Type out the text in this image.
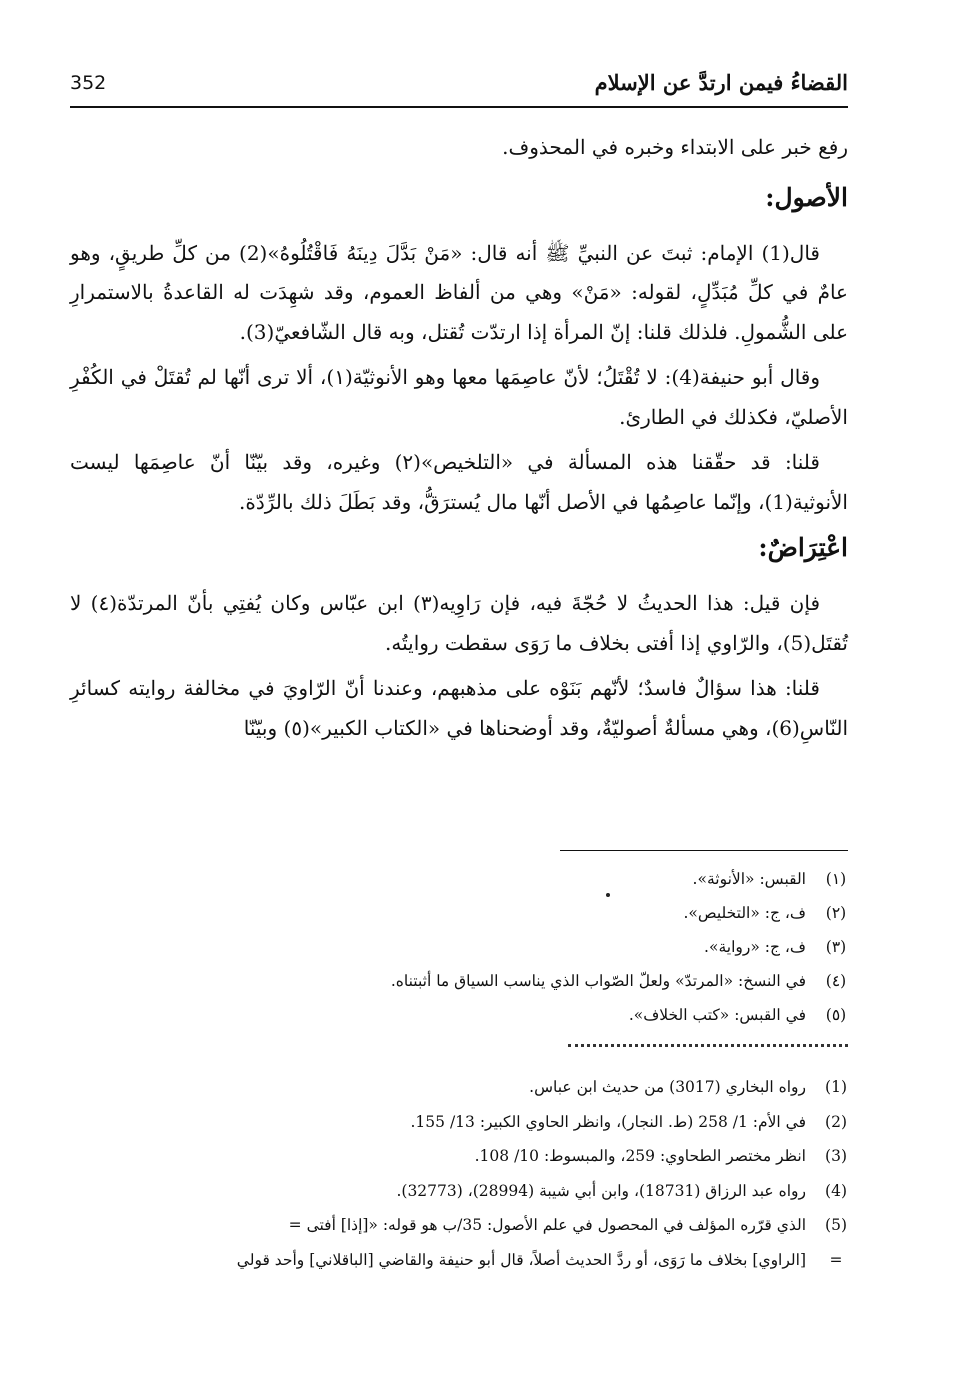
القضاءُ فيمن ارتدَّ عن الإسلام
352

رفع خبر على الابتداء وخبره في المحذوف.

الأصول:

قال(1) الإمام: ثبتَ عن النبيِّ ﷺ أنه قال: «مَنْ بَدَّلَ دِينَهُ فَاقْتُلُوهُ»(2) من كلِّ طريقٍ، وهو عامٌ في كلِّ مُبَدِّلٍ، لقوله: «مَنْ» وهي من ألفاظ العموم، وقد شهِدَت له القاعدةُ بالاستمرارِ على الشُّمولِ. فلذلك قلنا: إنّ المرأة إذا ارتدّت تُقتل، وبه قال الشّافعيّ(3).

وقال أبو حنيفة(4): لا تُقْتَلُ؛ لأنّ عاصِمَها معها وهو الأنوثيّة(١)، ألا ترى أنّها لم تُقتَلْ في الكُفْرِ الأصليّ، فكذلك في الطارئ.

قلنا: قد حقّقنا هذه المسألة في «التلخيص»(٢) وغيره، وقد بيّنّا أنّ عاصِمَها ليست الأنوثية(1)، وإنّما عاصِمُها في الأصل أنّها مال يُسترَقُّ، وقد بَطَلَ ذلك بالرِّدّة.

اعْتِرَاضٌ:

فإن قيل: هذا الحديثُ لا حُجّةَ فيه، فإن رَاوِيه(٣) ابن عبّاس وكان يُفتِي بأنّ المرتدّة(٤) لا تُقتَل(5)، والرّاوي إذا أفتى بخلاف ما رَوَى سقطت روايتُه.

قلنا: هذا سؤالٌ فاسدٌ؛ لأنّهم بَنَوْه على مذهبهم، وعندنا أنّ الرّاويَ في مخالفة روايته كسائرِ النّاسِ(6)، وهي مسألةٌ أصوليّةٌ، وقد أوضحناها في «الكتاب الكبير»(٥) وبيّنّا

(١)
القبس: «الأنوثة».
(٢)
ف، ج: «التخليص».
(٣)
ف، ج: «رواية».
(٤)
في النسخ: «المرتدّ» ولعلّ الصّواب الذي يناسب السياق ما أثبتناه.
(٥)
في القبس: «كتب الخلاف».
(1)
رواه البخاري (3017) من حديث ابن عباس.
(2)
في الأم: 1/ 258 (ط. النجار)، وانظر الحاوي الكبير: 13/ 155.
(3)
انظر مختصر الطحاوي: 259، والمبسوط: 10/ 108.
(4)
رواه عبد الرزاق (18731)، وابن أبي شيبة (28994)، (32773).
(5)
الذي قرّره المؤلف في المحصول في علم الأصول: 35/ب هو قوله: «[إذا] أفتى =
=
[الراوي] بخلاف ما رَوَى، أو ردَّ الحديث أصلاً، قال أبو حنيفة والقاضي [الباقلاني] وأحد قولي
